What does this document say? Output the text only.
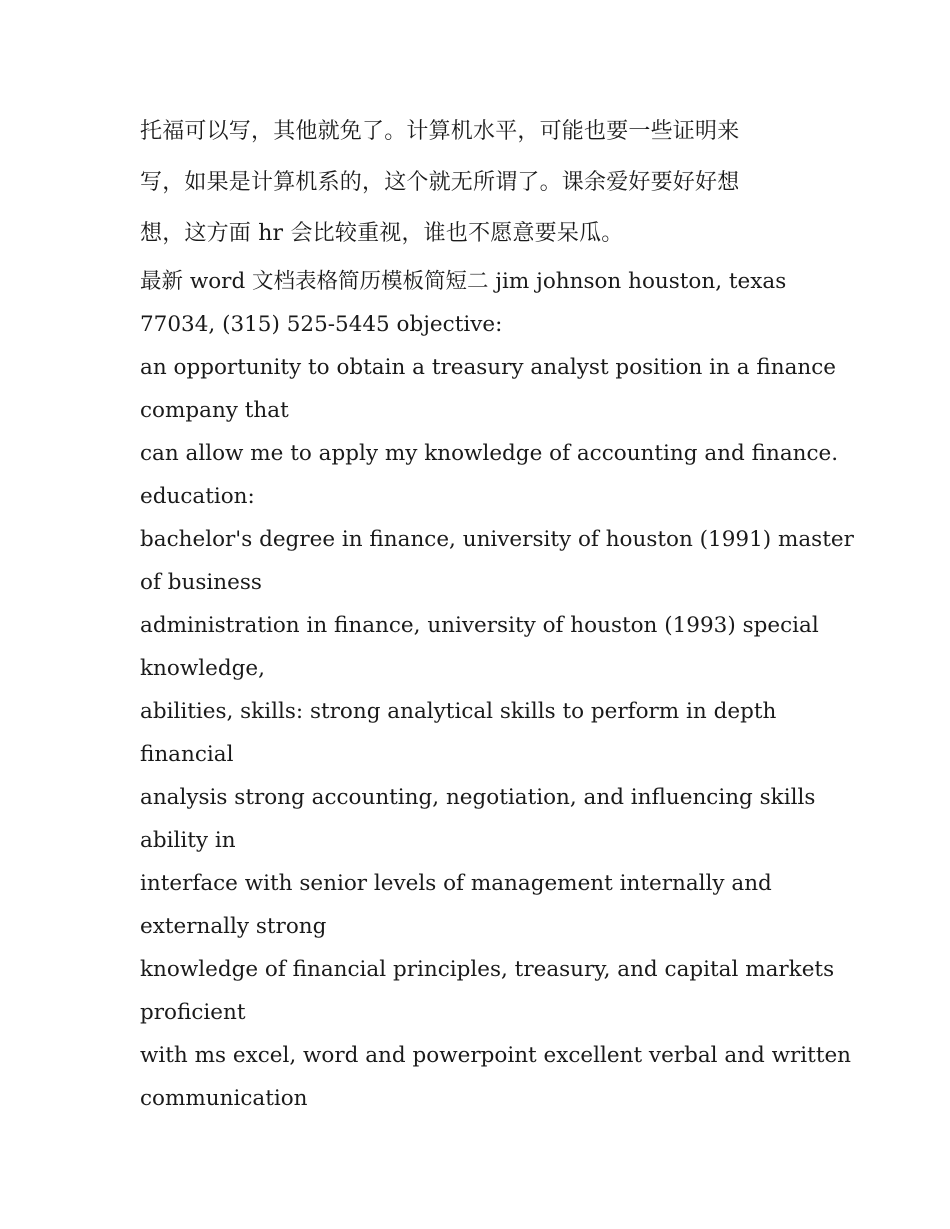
托福可以写，其他就免了。计算机水平，可能也要一些证明来
写，如果是计算机系的，这个就无所谓了。课余爱好要好好想
想，这方面 hr 会比较重视，谁也不愿意要呆瓜。
最新 word 文档表格简历模板简短二 jim johnson houston, texas
77034, (315) 525-5445 objective:
an opportunity to obtain a treasury analyst position in a finance
company that
can allow me to apply my knowledge of accounting and finance.
education:
bachelor's degree in finance, university of houston (1991) master
of business
administration in finance, university of houston (1993) special
knowledge,
abilities, skills: strong analytical skills to perform in depth
financial
analysis strong accounting, negotiation, and influencing skills
ability in
interface with senior levels of management internally and
externally strong
knowledge of financial principles, treasury, and capital markets
proficient
with ms excel, word and powerpoint excellent verbal and written
communication
